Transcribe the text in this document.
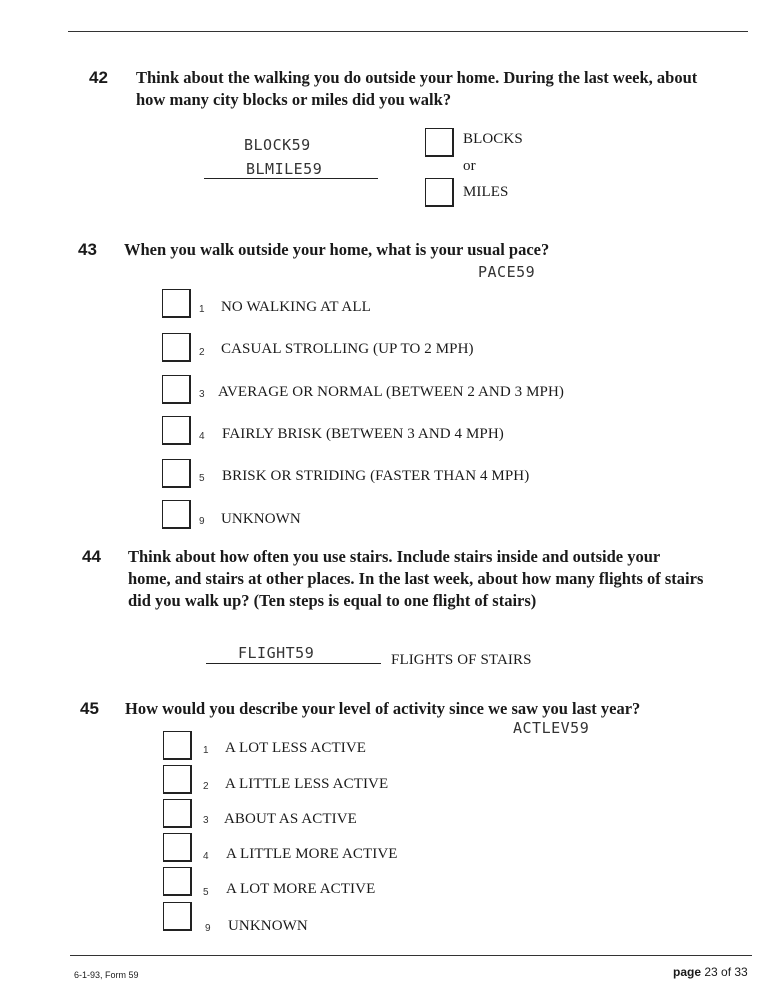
42 Think about the walking you do outside your home. During the last week, about
how many city blocks or miles did you walk?
BLOCK59
BLMILE59
BLOCKS
or
MILES
43 When you walk outside your home, what is your usual pace?
PACE59
1 NO WALKING AT ALL
2 CASUAL STROLLING (UP TO 2 MPH)
3 AVERAGE OR NORMAL (BETWEEN 2 AND 3 MPH)
4 FAIRLY BRISK (BETWEEN 3 AND 4 MPH)
5 BRISK OR STRIDING (FASTER THAN 4 MPH)
9 UNKNOWN
44 Think about how often you use stairs. Include stairs inside and outside your
home, and stairs at other places. In the last week, about how many flights of stairs
did you walk up? (Ten steps is equal to one flight of stairs)
FLIGHT59	FLIGHTS OF STAIRS
45 How would you describe your level of activity since we saw you last year?
ACTLEV59
1 A LOT LESS ACTIVE
2 A LITTLE LESS ACTIVE
3 ABOUT AS ACTIVE
4 A LITTLE MORE ACTIVE
5 A LOT MORE ACTIVE
9 UNKNOWN
6-1-93, Form 59	page 23 of 33
